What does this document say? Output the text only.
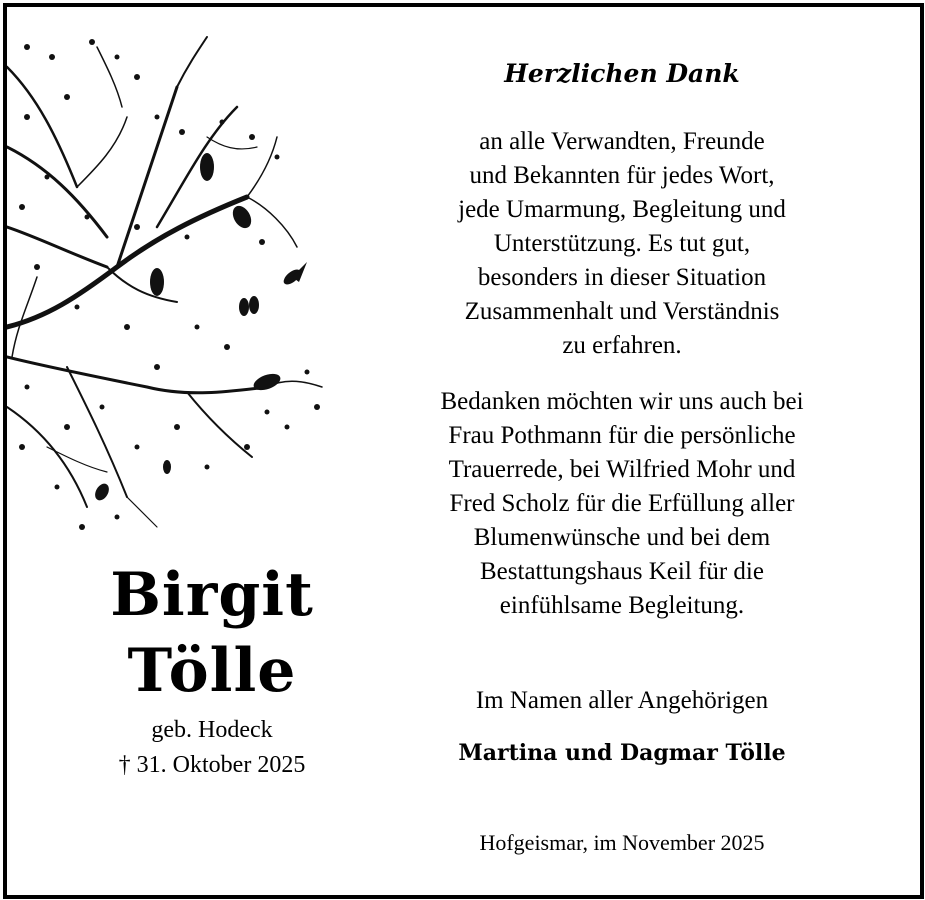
Birgit
Tölle
geb. Hodeck
† 31. Oktober 2025
Herzlichen Dank
an alle Verwandten, Freunde
und Bekannten für jedes Wort,
jede Umarmung, Begleitung und
Unterstützung. Es tut gut,
besonders in dieser Situation
Zusammenhalt und Verständnis
zu erfahren.
Bedanken möchten wir uns auch bei
Frau Pothmann für die persönliche
Trauerrede, bei Wilfried Mohr und
Fred Scholz für die Erfüllung aller
Blumenwünsche und bei dem
Bestattungshaus Keil für die
einfühlsame Begleitung.
Im Namen aller Angehörigen
Martina und Dagmar Tölle
Hofgeismar, im November 2025
